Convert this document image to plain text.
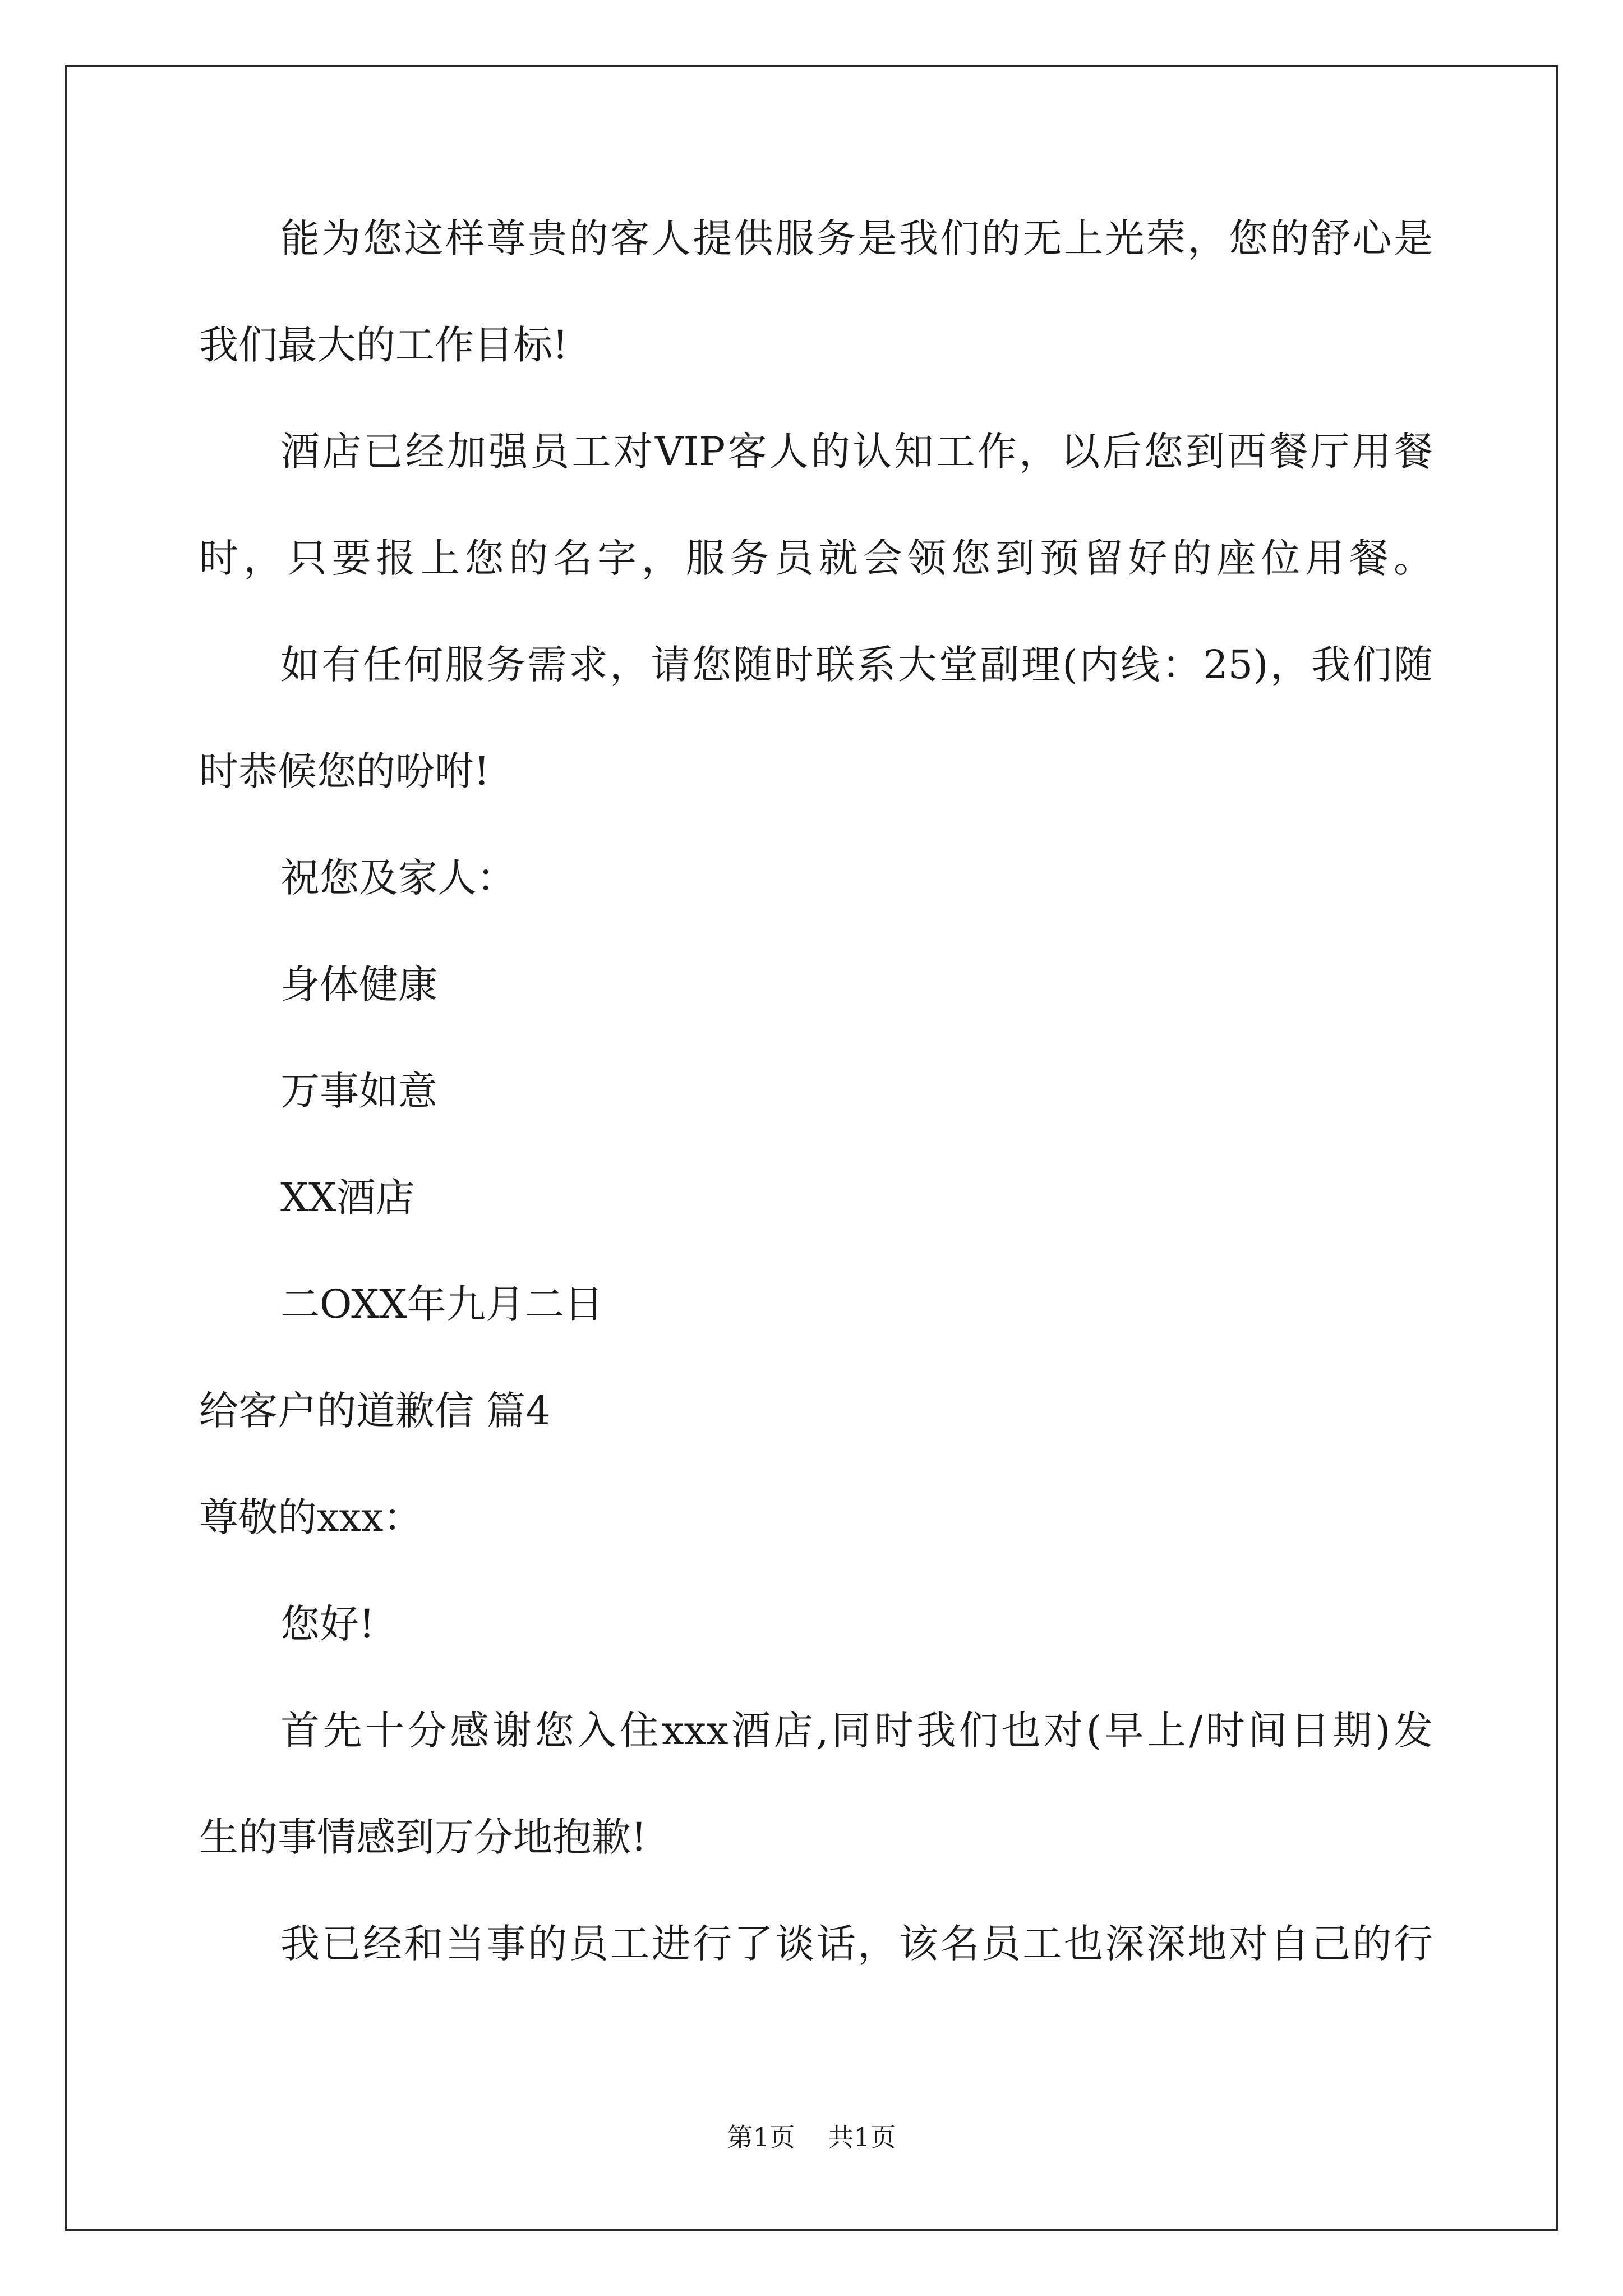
能为您这样尊贵的客人提供服务是我们的无上光荣，您的舒心是
我们最大的工作目标!
酒店已经加强员工对VIP客人的认知工作，以后您到西餐厅用餐
时，只要报上您的名字，服务员就会领您到预留好的座位用餐。
如有任何服务需求，请您随时联系大堂副理(内线：25)，我们随
时恭候您的吩咐!
祝您及家人：
身体健康
万事如意
XX酒店
二OXX年九月二日
给客户的道歉信 篇4
尊敬的xxx：
您好!
首先十分感谢您入住xxx酒店,同时我们也对(早上/时间日期)发
生的事情感到万分地抱歉!
我已经和当事的员工进行了谈话，该名员工也深深地对自己的行
第1页    共1页
